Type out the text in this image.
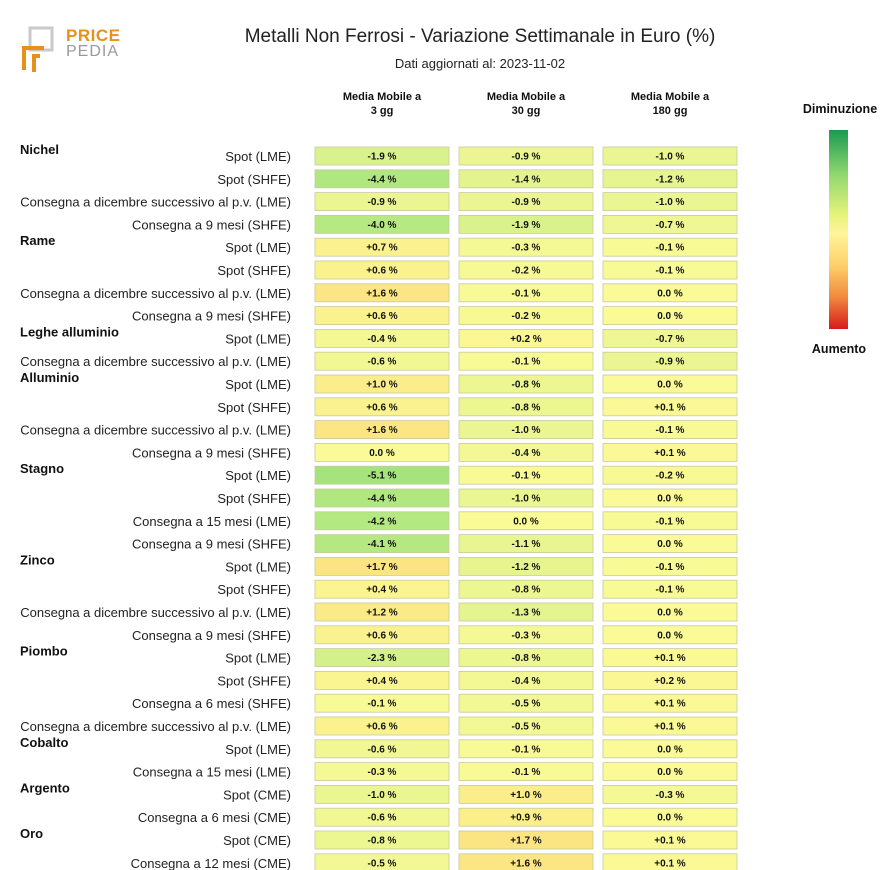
PRICE
PEDIA
Metalli Non Ferrosi - Variazione Settimanale in Euro (%)
Dati aggiornati al: 2023-11-02
Media Mobile a
3 gg
Media Mobile a
30 gg
Media Mobile a
180 gg
Nichel	Spot (LME)	-1.9 %	-0.9 %	-1.0 %
Spot (SHFE)	-4.4 %	-1.4 %	-1.2 %
Consegna a dicembre successivo al p.v. (LME)	-0.9 %	-0.9 %	-1.0 %
Consegna a 9 mesi (SHFE)	-4.0 %	-1.9 %	-0.7 %
Rame	Spot (LME)	+0.7 %	-0.3 %	-0.1 %
Spot (SHFE)	+0.6 %	-0.2 %	-0.1 %
Consegna a dicembre successivo al p.v. (LME)	+1.6 %	-0.1 %	0.0 %
Consegna a 9 mesi (SHFE)	+0.6 %	-0.2 %	0.0 %
Leghe alluminio	Spot (LME)	-0.4 %	+0.2 %	-0.7 %
Consegna a dicembre successivo al p.v. (LME)	-0.6 %	-0.1 %	-0.9 %
Alluminio	Spot (LME)	+1.0 %	-0.8 %	0.0 %
Spot (SHFE)	+0.6 %	-0.8 %	+0.1 %
Consegna a dicembre successivo al p.v. (LME)	+1.6 %	-1.0 %	-0.1 %
Consegna a 9 mesi (SHFE)	0.0 %	-0.4 %	+0.1 %
Stagno	Spot (LME)	-5.1 %	-0.1 %	-0.2 %
Spot (SHFE)	-4.4 %	-1.0 %	0.0 %
Consegna a 15 mesi (LME)	-4.2 %	0.0 %	-0.1 %
Consegna a 9 mesi (SHFE)	-4.1 %	-1.1 %	0.0 %
Zinco	Spot (LME)	+1.7 %	-1.2 %	-0.1 %
Spot (SHFE)	+0.4 %	-0.8 %	-0.1 %
Consegna a dicembre successivo al p.v. (LME)	+1.2 %	-1.3 %	0.0 %
Consegna a 9 mesi (SHFE)	+0.6 %	-0.3 %	0.0 %
Piombo	Spot (LME)	-2.3 %	-0.8 %	+0.1 %
Spot (SHFE)	+0.4 %	-0.4 %	+0.2 %
Consegna a 6 mesi (SHFE)	-0.1 %	-0.5 %	+0.1 %
Consegna a dicembre successivo al p.v. (LME)	+0.6 %	-0.5 %	+0.1 %
Cobalto	Spot (LME)	-0.6 %	-0.1 %	0.0 %
Consegna a 15 mesi (LME)	-0.3 %	-0.1 %	0.0 %
Argento	Spot (CME)	-1.0 %	+1.0 %	-0.3 %
Consegna a 6 mesi (CME)	-0.6 %	+0.9 %	0.0 %
Oro	Spot (CME)	-0.8 %	+1.7 %	+0.1 %
Consegna a 12 mesi (CME)	-0.5 %	+1.6 %	+0.1 %
Diminuzione
Aumento
